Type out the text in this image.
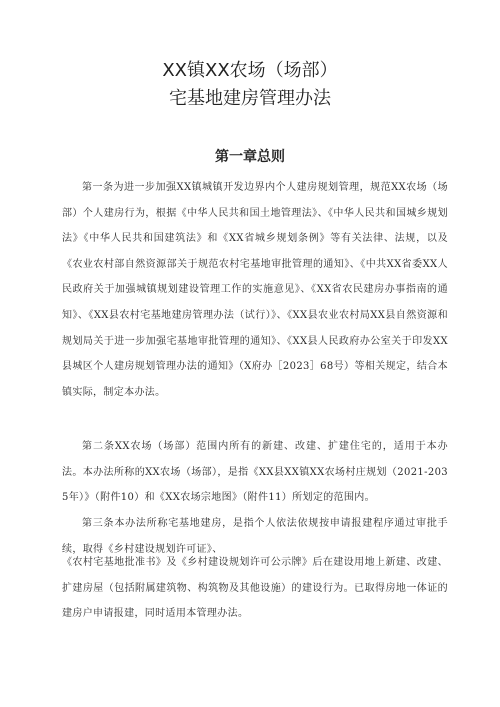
XX镇XX农场（场部）
宅基地建房管理办法
第一章总则

第一条为进一步加强XX镇城镇开发边界内个人建房规划管理，规范XX农场（场部）个人建房行为，根据《中华人民共和国土地管理法》、《中华人民共和国城乡规划法》《中华人民共和国建筑法》和《XX省城乡规划条例》等有关法律、法规，以及《农业农村部自然资源部关于规范农村宅基地审批管理的通知》、《中共XX省委XX人民政府关于加强城镇规划建设管理工作的实施意见》、《XX省农民建房办事指南的通知》、《XX县农村宅基地建房管理办法（试行）》、《XX县农业农村局XX县自然资源和规划局关于进一步加强宅基地审批管理的通知》、《XX县人民政府办公室关于印发XX县城区个人建房规划管理办法的通知》（X府办［2023］68号）等相关规定，结合本镇实际，制定本办法。

第二条XX农场（场部）范围内所有的新建、改建、扩建住宅的，适用于本办法。本办法所称的XX农场（场部），是指《XX县XX镇XX农场村庄规划（2021-2035年）》（附件10）和《XX农场宗地图》（附件11）所划定的范围内。

第三条本办法所称宅基地建房，是指个人依法依规按申请报建程序通过审批手续，取得《乡村建设规划许可证》、

《农村宅基地批准书》及《乡村建设规划许可公示牌》后在建设用地上新建、改建、扩建房屋（包括附属建筑物、构筑物及其他设施）的建设行为。已取得房地一体证的建房户申请报建，同时适用本管理办法。
